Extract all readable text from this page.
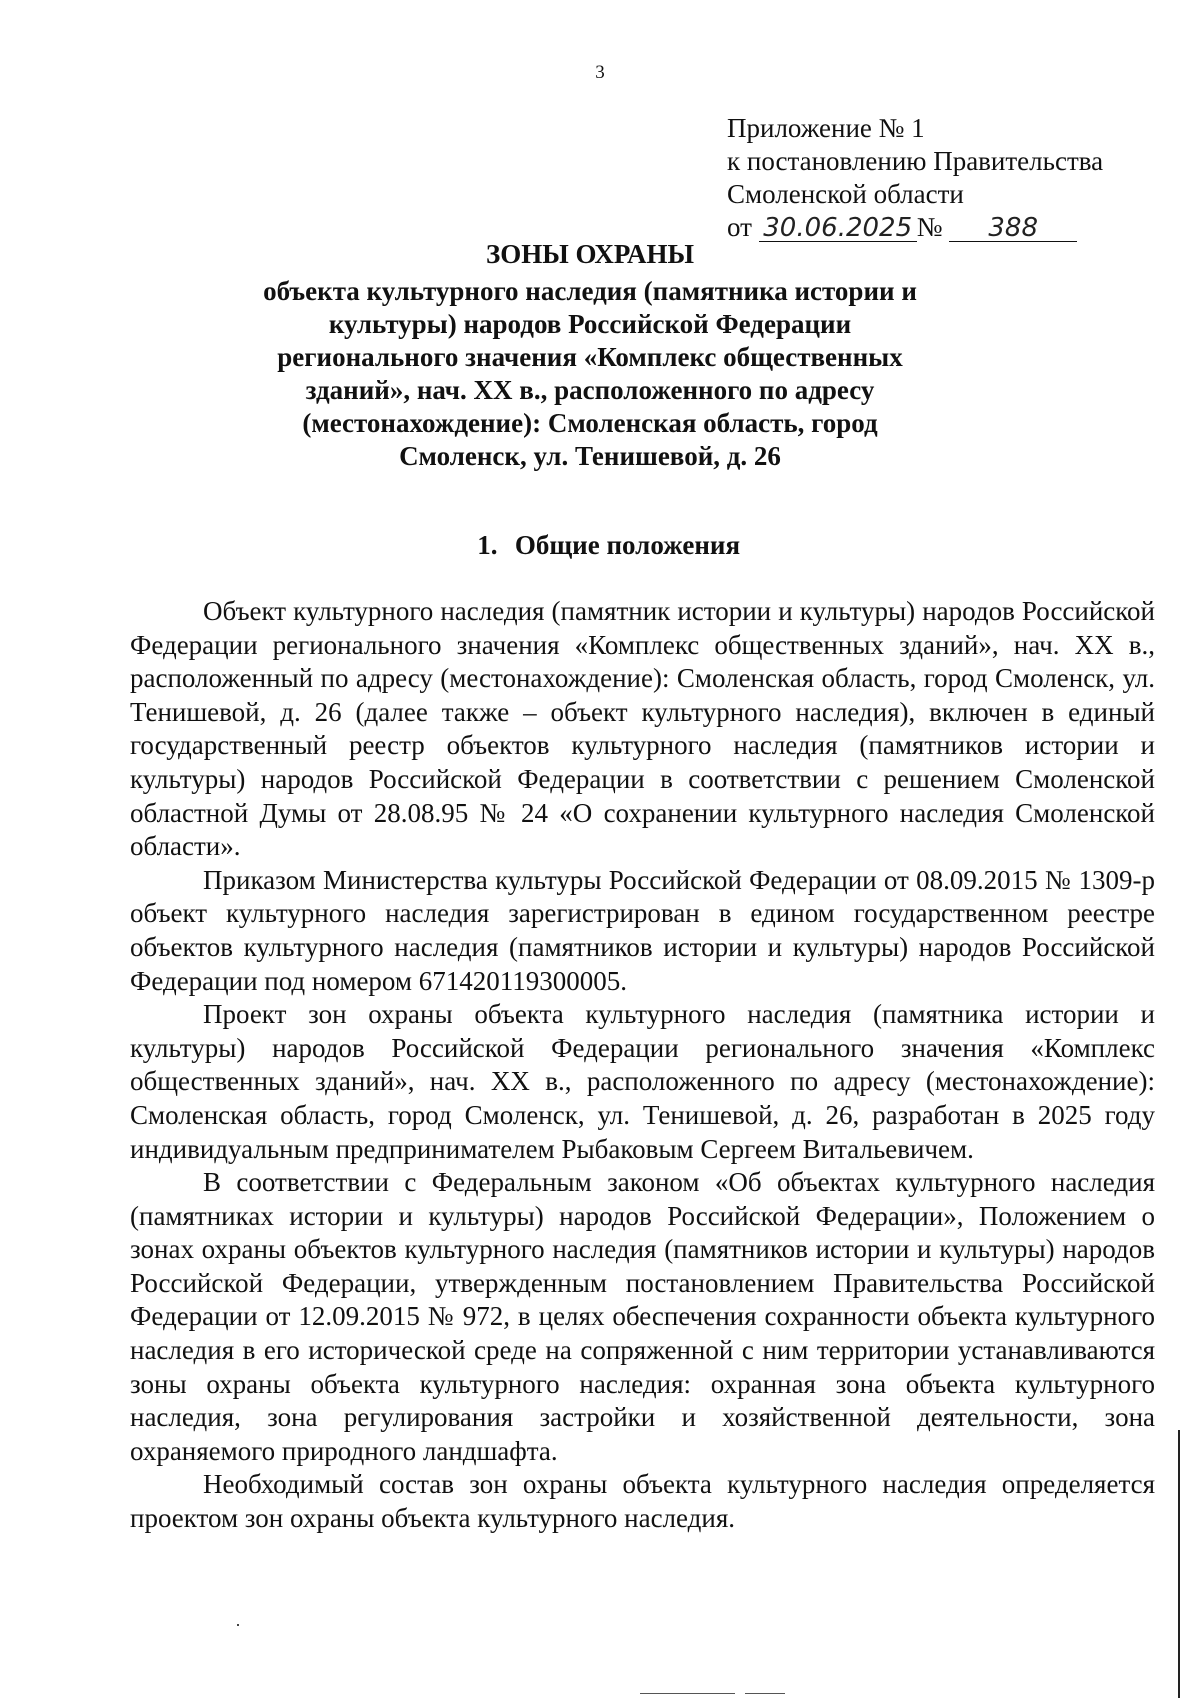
3
Приложение № 1
к постановлению Правительства
Смоленской области
от 30.06.2025 № 388
ЗОНЫ ОХРАНЫ
объекта культурного наследия (памятника истории и
культуры) народов Российской Федерации
регионального значения «Комплекс общественных
зданий», нач. XX в., расположенного по адресу
(местонахождение): Смоленская область, город
Смоленск, ул. Тенишевой, д. 26
1. Общие положения

Объект культурного наследия (памятник истории и культуры) народов Российской Федерации регионального значения «Комплекс общественных зданий», нач. XX в., расположенный по адресу (местонахождение): Смоленская область, город Смоленск, ул. Тенишевой, д. 26 (далее также – объект культурного наследия), включен в единый государственный реестр объектов культурного наследия (памятников истории и культуры) народов Российской Федерации в соответствии с решением Смоленской областной Думы от 28.08.95 № 24 «О сохранении культурного наследия Смоленской области».

Приказом Министерства культуры Российской Федерации от 08.09.2015 № 1309-р объект культурного наследия зарегистрирован в едином государственном реестре объектов культурного наследия (памятников истории и культуры) народов Российской Федерации под номером 671420119300005.

Проект зон охраны объекта культурного наследия (памятника истории и культуры) народов Российской Федерации регионального значения «Комплекс общественных зданий», нач. XX в., расположенного по адресу (местонахождение): Смоленская область, город Смоленск, ул. Тенишевой, д. 26, разработан в 2025 году индивидуальным предпринимателем Рыбаковым Сергеем Витальевичем.

В соответствии с Федеральным законом «Об объектах культурного наследия (памятниках истории и культуры) народов Российской Федерации», Положением о зонах охраны объектов культурного наследия (памятников истории и культуры) народов Российской Федерации, утвержденным постановлением Правительства Российской Федерации от 12.09.2015 № 972, в целях обеспечения сохранности объекта культурного наследия в его исторической среде на сопряженной с ним территории устанавливаются зоны охраны объекта культурного наследия: охранная зона объекта культурного наследия, зона регулирования застройки и хозяйственной деятельности, зона охраняемого природного ландшафта.

Необходимый состав зон охраны объекта культурного наследия определяется проектом зон охраны объекта культурного наследия.
